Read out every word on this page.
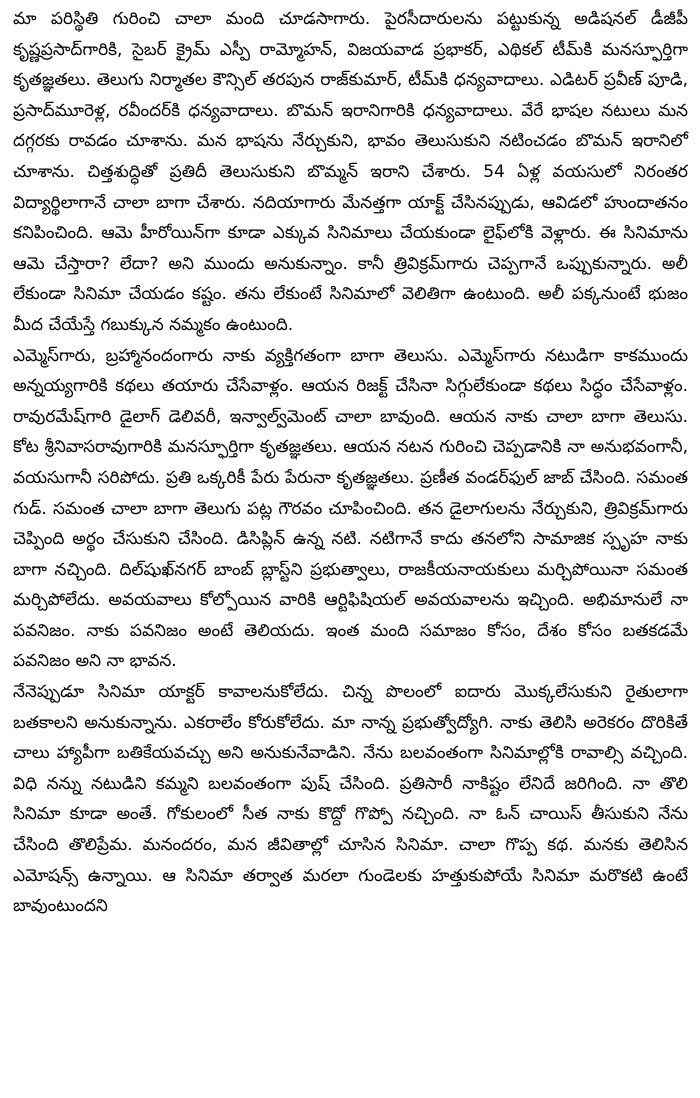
మా పరిస్థితి గురించి చాలా మంది చూడసాగారు. పైరసీదారులను పట్టుకున్న అడిషనల్ డీజీపీ కృష్ణప్రసాద్‌గారికి, సైబర్ క్రైమ్ ఎస్పీ రామ్మోహన్, విజయవాడ ప్రభాకర్, ఎథికల్ టీమ్‌కి మనస్ఫూర్తిగా కృతజ్ఞతలు. తెలుగు నిర్మాతల కౌన్సిల్ తరపున రాజ్‌కుమార్, టీమ్‌కి ధన్యవాదాలు. ఎడిటర్ ప్రవీణ్ పూడి, ప్రసాద్‌మూరెళ్ల, రవీందర్‌కి ధన్యవాదాలు. బొమన్ ఇరానిగారికి ధన్యవాదాలు. వేరే భాషల నటులు మన దగ్గరకు రావడం చూశాను. మన భాషను నేర్చుకుని, భావం తెలుసుకుని నటించడం బొమన్ ఇరానిలో చూశాను. చిత్తశుద్ధితో ప్రతిదీ తెలుసుకుని బొమ్మన్ ఇరాని చేశారు. 54 ఏళ్ల వయసులో నిరంతర విద్యార్థిలాగానే చాలా బాగా చేశారు. నదియాగారు మేనత్తగా యాక్ట్ చేసినప్పుడు, ఆవిడలో హుందాతనం కనిపించింది. ఆమె హీరోయిన్‌గా కూడా ఎక్కువ సినిమాలు చేయకుండా లైఫ్‌లోకి వెళ్లారు. ఈ సినిమాను ఆమె చేస్తారా? లేదా? అని ముందు అనుకున్నాం. కానీ త్రివిక్రమ్‌గారు చెప్పగానే ఒప్పుకున్నారు. అలీ లేకుండా సినిమా చేయడం కష్టం. తను లేకుంటే సినిమాలో వెలితిగా ఉంటుంది. అలీ పక్కనుంటే భుజం మీద చేయేస్తే గబుక్కున నమ్మకం ఉంటుంది.

ఎమ్మెస్‌గారు, బ్రహ్మానందంగారు నాకు వ్యక్తిగతంగా బాగా తెలుసు. ఎమ్మెస్‌గారు నటుడిగా కాకముందు అన్నయ్యగారికి కథలు తయారు చేసేవాళ్లం. ఆయన రిజక్ట్ చేసినా సిగ్గులేకుండా కథలు సిద్ధం చేసేవాళ్లం. రావురమేష్‌గారి డైలాగ్ డెలివరీ, ఇన్వాల్వ్‌మెంట్ చాలా బావుంది. ఆయన నాకు చాలా బాగా తెలుసు. కోట శ్రీనివాసరావుగారికి మనస్ఫూర్తిగా కృతజ్ఞతలు. ఆయన నటన గురించి చెప్పడానికి నా అనుభవంగానీ, వయసుగానీ సరిపోదు. ప్రతి ఒక్కరికీ పేరు పేరునా కృతజ్ఞతలు. ప్రణీత వండర్‌ఫుల్ జాబ్ చేసింది. సమంత గుడ్. సమంత చాలా బాగా తెలుగు పట్ల గౌరవం చూపించింది. తన డైలాగులను నేర్చుకుని, త్రివిక్రమ్‌గారు చెప్పింది అర్థం చేసుకుని చేసింది. డిసిప్లిన్ ఉన్న నటి. నటిగానే కాదు తనలోని సామాజిక స్పృహ నాకు బాగా నచ్చింది. దిల్‌షుఖ్‌నగర్ బాంబ్ బ్లాస్ట్‌ని ప్రభుత్వాలు, రాజకీయనాయకులు మర్చిపోయినా సమంత మర్చిపోలేదు. అవయవాలు కోల్పోయిన వారికి ఆర్టిఫిషియల్ అవయవాలను ఇచ్చింది. అభిమానులే నా పవనిజం. నాకు పవనిజం అంటే తెలియదు. ఇంత మంది సమాజం కోసం, దేశం కోసం బతకడమే పవనిజం అని నా భావన.

నేనెప్పుడూ సినిమా యాక్టర్ కావాలనుకోలేదు. చిన్న పొలంలో ఐదారు మొక్కలేసుకుని రైతులాగా బతకాలని అనుకున్నాను. ఎకరాలేం కోరుకోలేదు. మా నాన్న ప్రభుత్వోద్యోగి. నాకు తెలిసి అరెకరం దొరికితే చాలు హ్యాపీగా బతికేయవచ్చు అని అనుకునేవాడిని. నేను బలవంతంగా సినిమాల్లోకి రావాల్సి వచ్చింది. విధి నన్ను నటుడిని కమ్మని బలవంతంగా పుష్ చేసింది. ప్రతిసారీ నాకిష్టం లేనిదే జరిగింది. నా తొలి సినిమా కూడా అంతే. గోకులంలో సీత నాకు కొద్దో గొప్పో నచ్చింది. నా ఓన్ చాయిస్ తీసుకుని నేను చేసింది తొలిప్రేమ. మనందరం, మన జీవితాల్లో చూసిన సినిమా. చాలా గొప్ప కథ. మనకు తెలిసిన ఎమోషన్స్ ఉన్నాయి. ఆ సినిమా తర్వాత మరలా గుండెలకు హత్తుకుపోయే సినిమా మరొకటి ఉంటే బావుంటుందని
